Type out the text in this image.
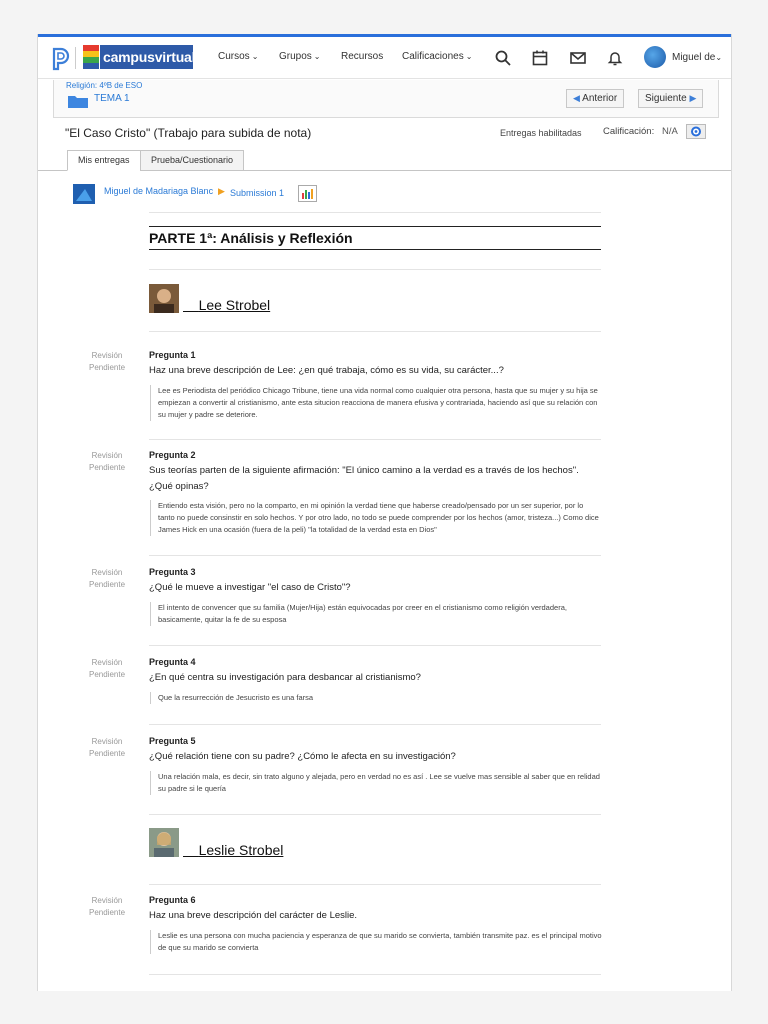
campusvirtual Cursos ⌄ Grupos ⌄ Recursos Calificaciones ⌄	Miguel de⌄
Religión: 4ºB de ESO
TEMA 1	◀ Anterior	Siguiente ▶
"El Caso Cristo" (Trabajo para subida de nota)	Entregas habilitadas Calificación: N/A
Mis entregas	Prueba/Cuestionario
Miguel de Madariaga Blanc ▶ Submission 1
PARTE 1ª: Análisis y Reflexión
Lee Strobel
Revisión
Pendiente
Pregunta 1
Haz una breve descripción de Lee: ¿en qué trabaja, cómo es su vida, su carácter...?
Lee es Periodista del periódico Chicago Tribune, tiene una vida normal como cualquier otra persona, hasta que su mujer y su hija se empiezan a convertir al cristianismo, ante esta situcion reacciona de manera efusiva y contrariada, haciendo así que su relación con su mujer y padre se deteriore.
Revisión
Pendiente
Pregunta 2
Sus teorías parten de la siguiente afirmación: "El único camino a la verdad es a través de los hechos". ¿Qué opinas?
Entiendo esta visión, pero no la comparto, en mi opinión la verdad tiene que haberse creado/pensado por un ser superior, por lo tanto no puede consinstir en solo hechos. Y por otro lado, no todo se puede comprender por los hechos (amor, tristeza...) Como dice James Hick en una ocasión (fuera de la peli) "la totalidad de la verdad esta en Dios"
Revisión
Pendiente
Pregunta 3
¿Qué le mueve a investigar "el caso de Cristo"?
El intento de convencer que su familia (Mujer/Hija) están equivocadas por creer en el cristianismo como religión verdadera, basicamente, quitar la fe de su esposa
Revisión
Pendiente
Pregunta 4
¿En qué centra su investigación para desbancar al cristianismo?
Que la resurrección de Jesucristo es una farsa
Revisión
Pendiente
Pregunta 5
¿Qué relación tiene con su padre? ¿Cómo le afecta en su investigación?
Una relación mala, es decir, sin trato alguno y alejada, pero en verdad no es así . Lee se vuelve mas sensible al saber que en relidad su padre si le quería
Leslie Strobel
Revisión
Pendiente
Pregunta 6
Haz una breve descripción del carácter de Leslie.
Leslie es una persona con mucha paciencia y esperanza de que su marido se convierta, también transmite paz. es el principal motivo de que su marido se convierta
